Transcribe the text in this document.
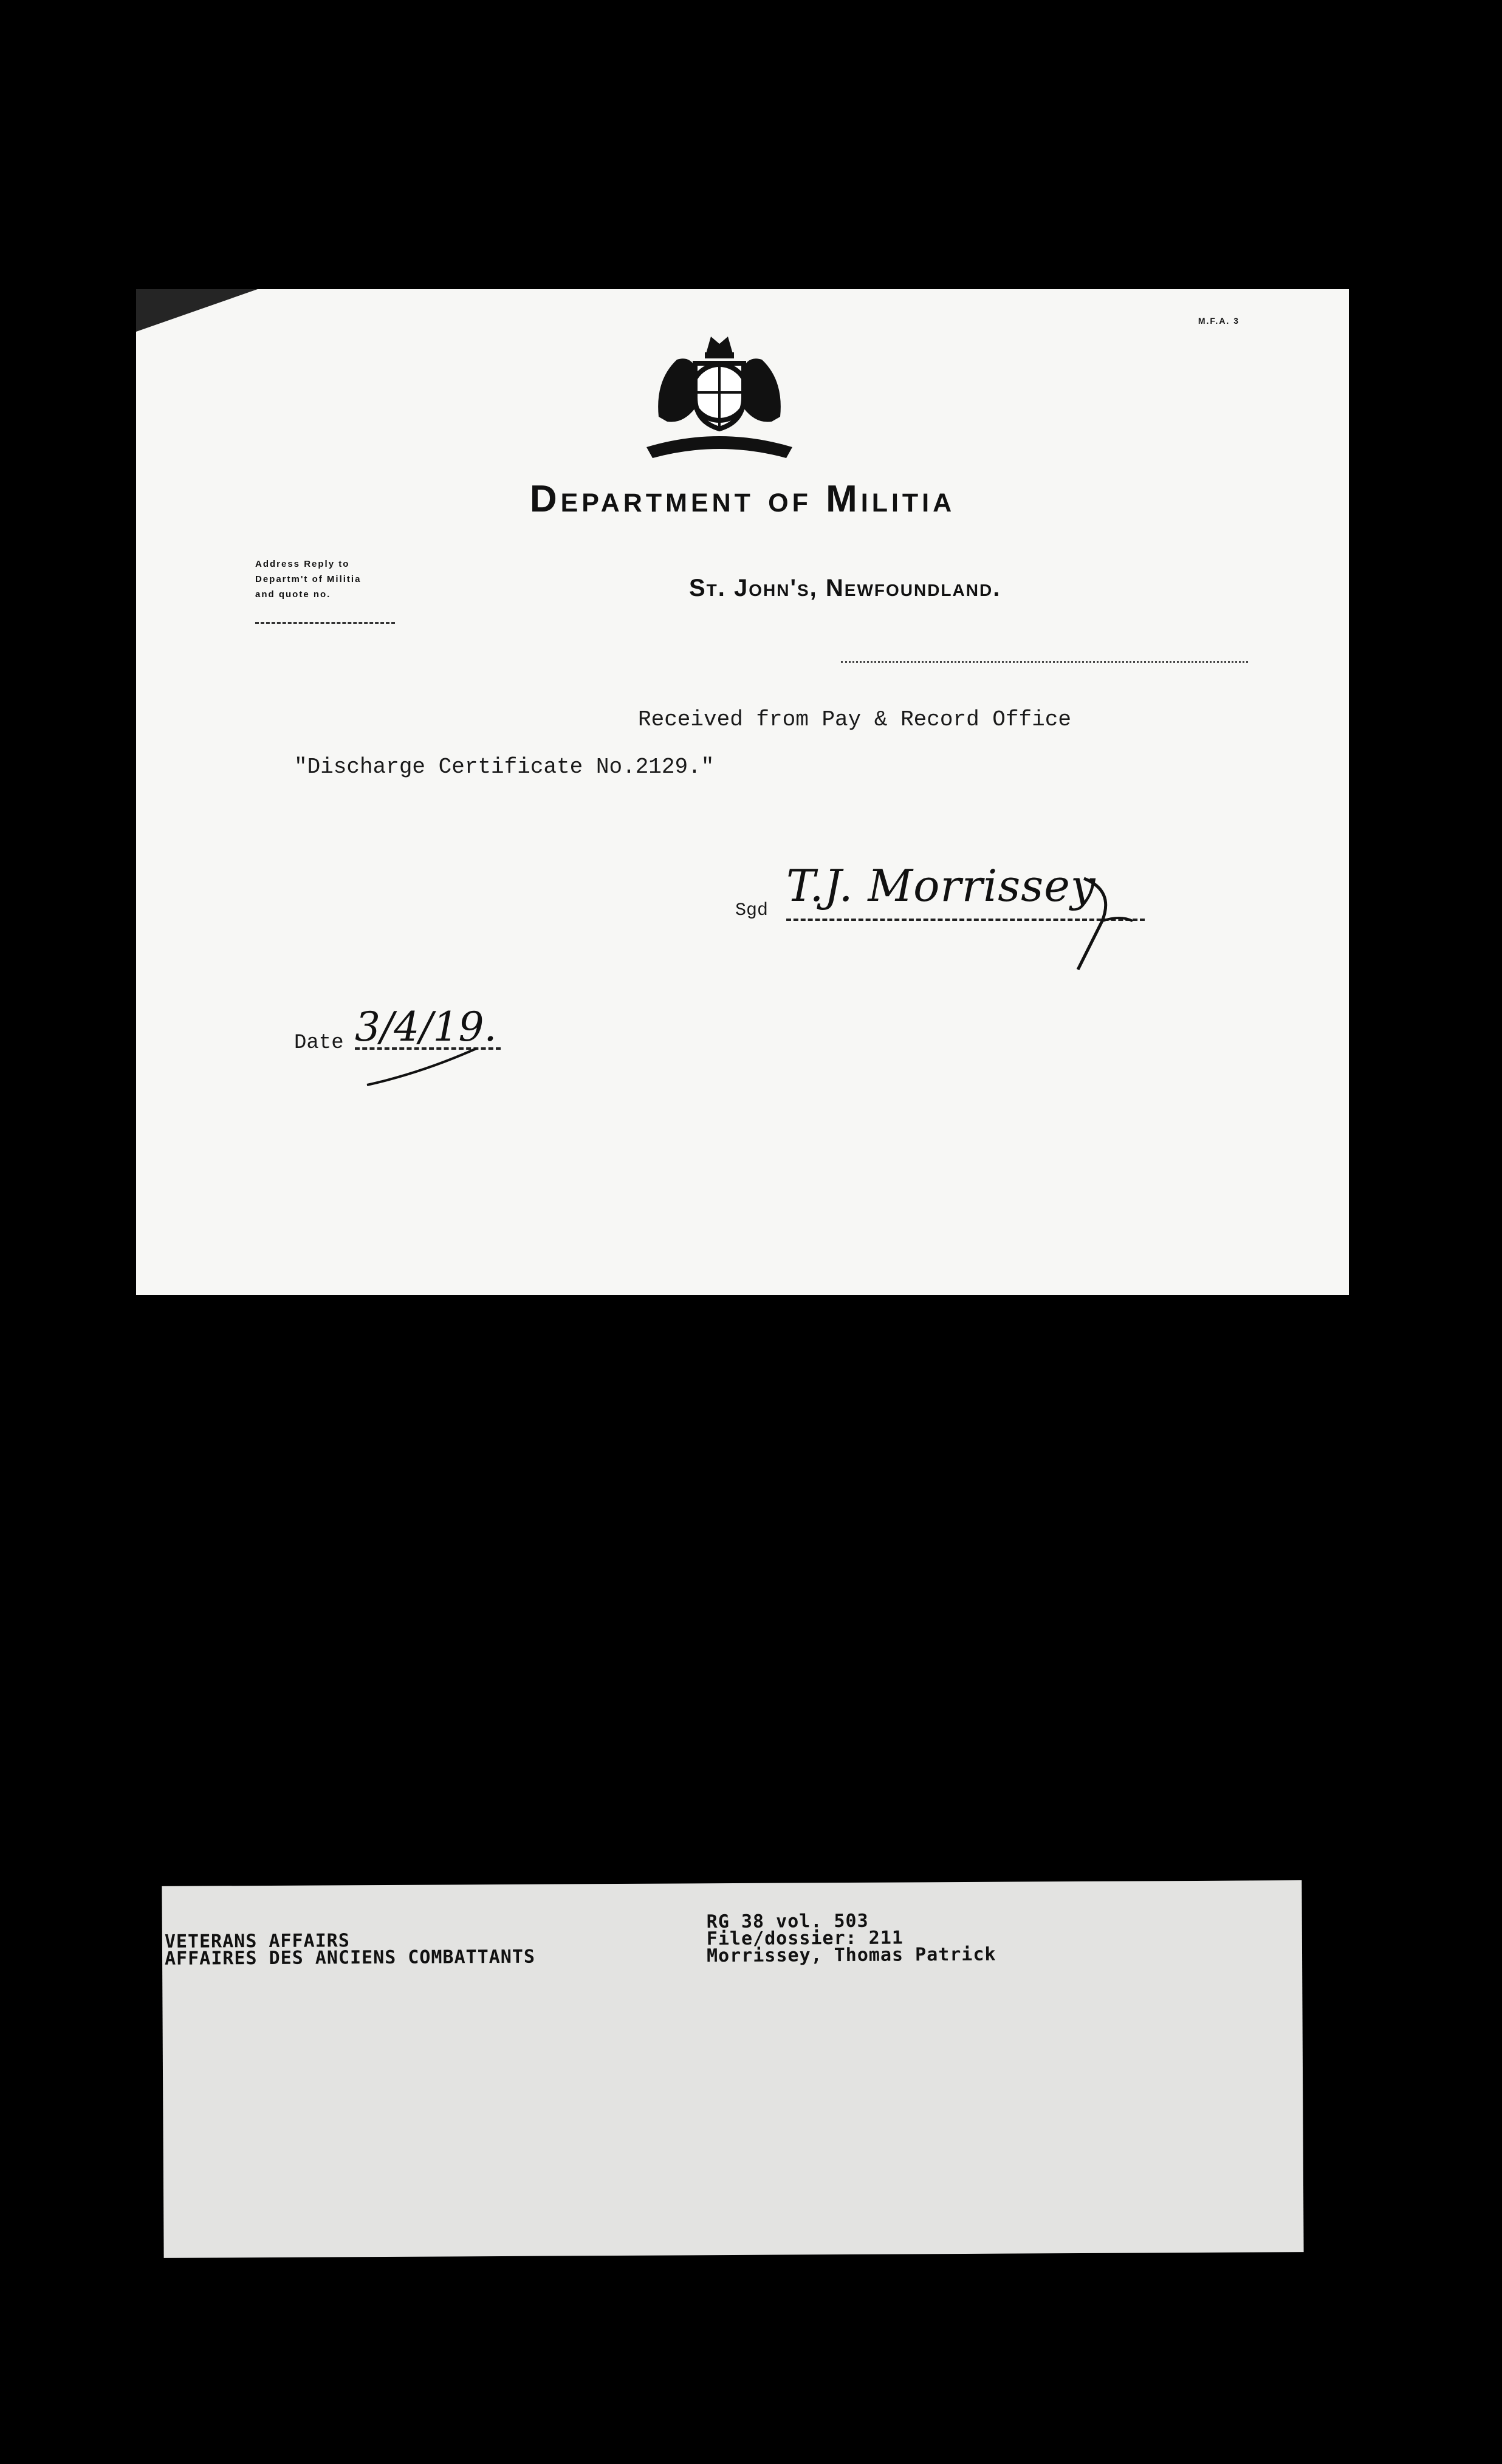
M.F.A. 3
Department of Militia
Address Reply to
Departm't of Militia
and quote no.	St. John's, Newfoundland.
Received from Pay & Record Office
"Discharge Certificate No.2129."
Sgd T.J. Morrissey
Date 3/4/19.
VETERANS AFFAIRS
AFFAIRES DES ANCIENS COMBATTANTS
RG 38 vol. 503
File/dossier: 211
Morrissey, Thomas Patrick
